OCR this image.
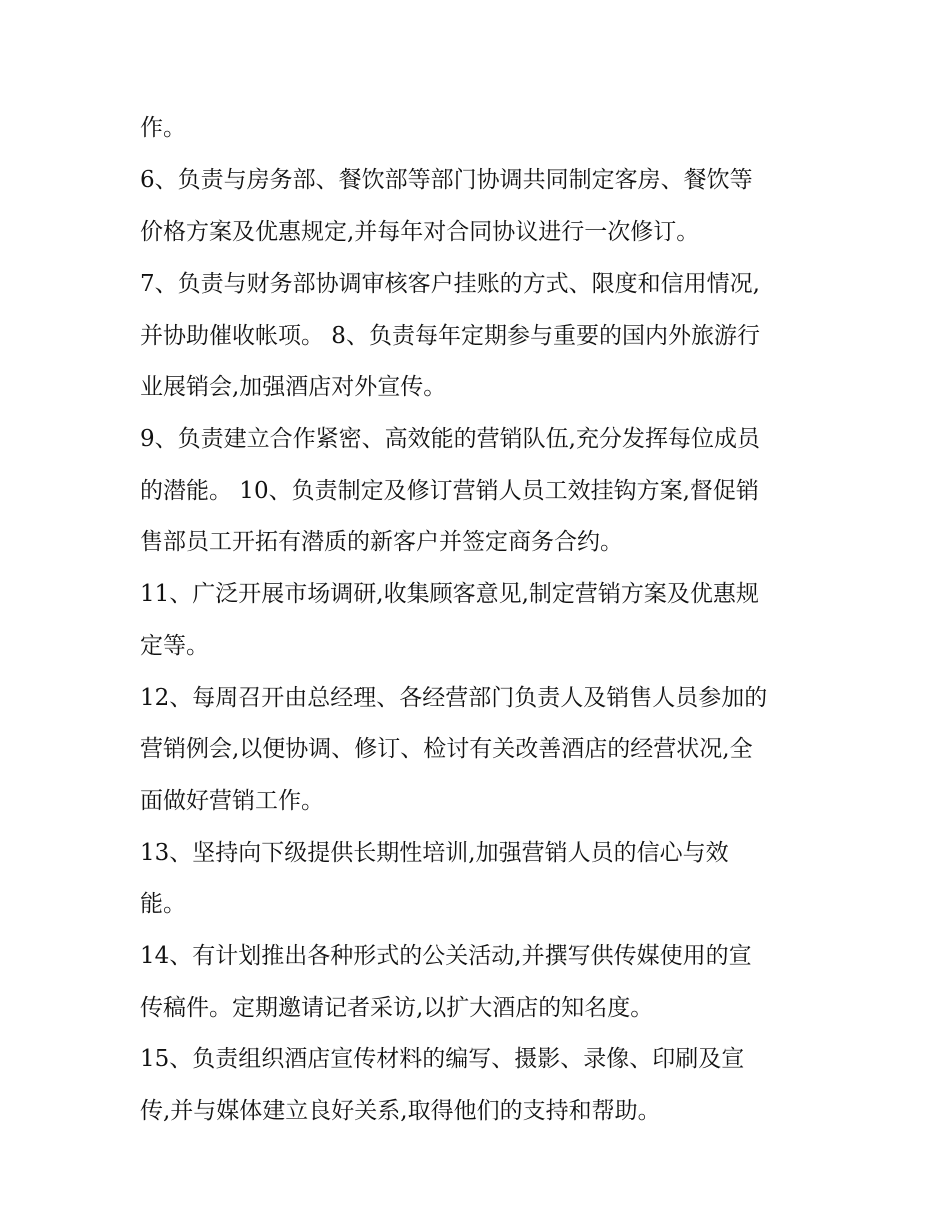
作。
6、负责与房务部、餐饮部等部门协调共同制定客房、餐饮等
价格方案及优惠规定,并每年对合同协议进行一次修订。
7、负责与财务部协调审核客户挂账的方式、限度和信用情况,
并协助催收帐项。 8、负责每年定期参与重要的国内外旅游行
业展销会,加强酒店对外宣传。
9、负责建立合作紧密、高效能的营销队伍,充分发挥每位成员
的潜能。 10、负责制定及修订营销人员工效挂钩方案,督促销
售部员工开拓有潜质的新客户并签定商务合约。
11、广泛开展市场调研,收集顾客意见,制定营销方案及优惠规
定等。
12、每周召开由总经理、各经营部门负责人及销售人员参加的
营销例会,以便协调、修订、检讨有关改善酒店的经营状况,全
面做好营销工作。
13、坚持向下级提供长期性培训,加强营销人员的信心与效
能。
14、有计划推出各种形式的公关活动,并撰写供传媒使用的宣
传稿件。定期邀请记者采访,以扩大酒店的知名度。
15、负责组织酒店宣传材料的编写、摄影、录像、印刷及宣
传,并与媒体建立良好关系,取得他们的支持和帮助。
